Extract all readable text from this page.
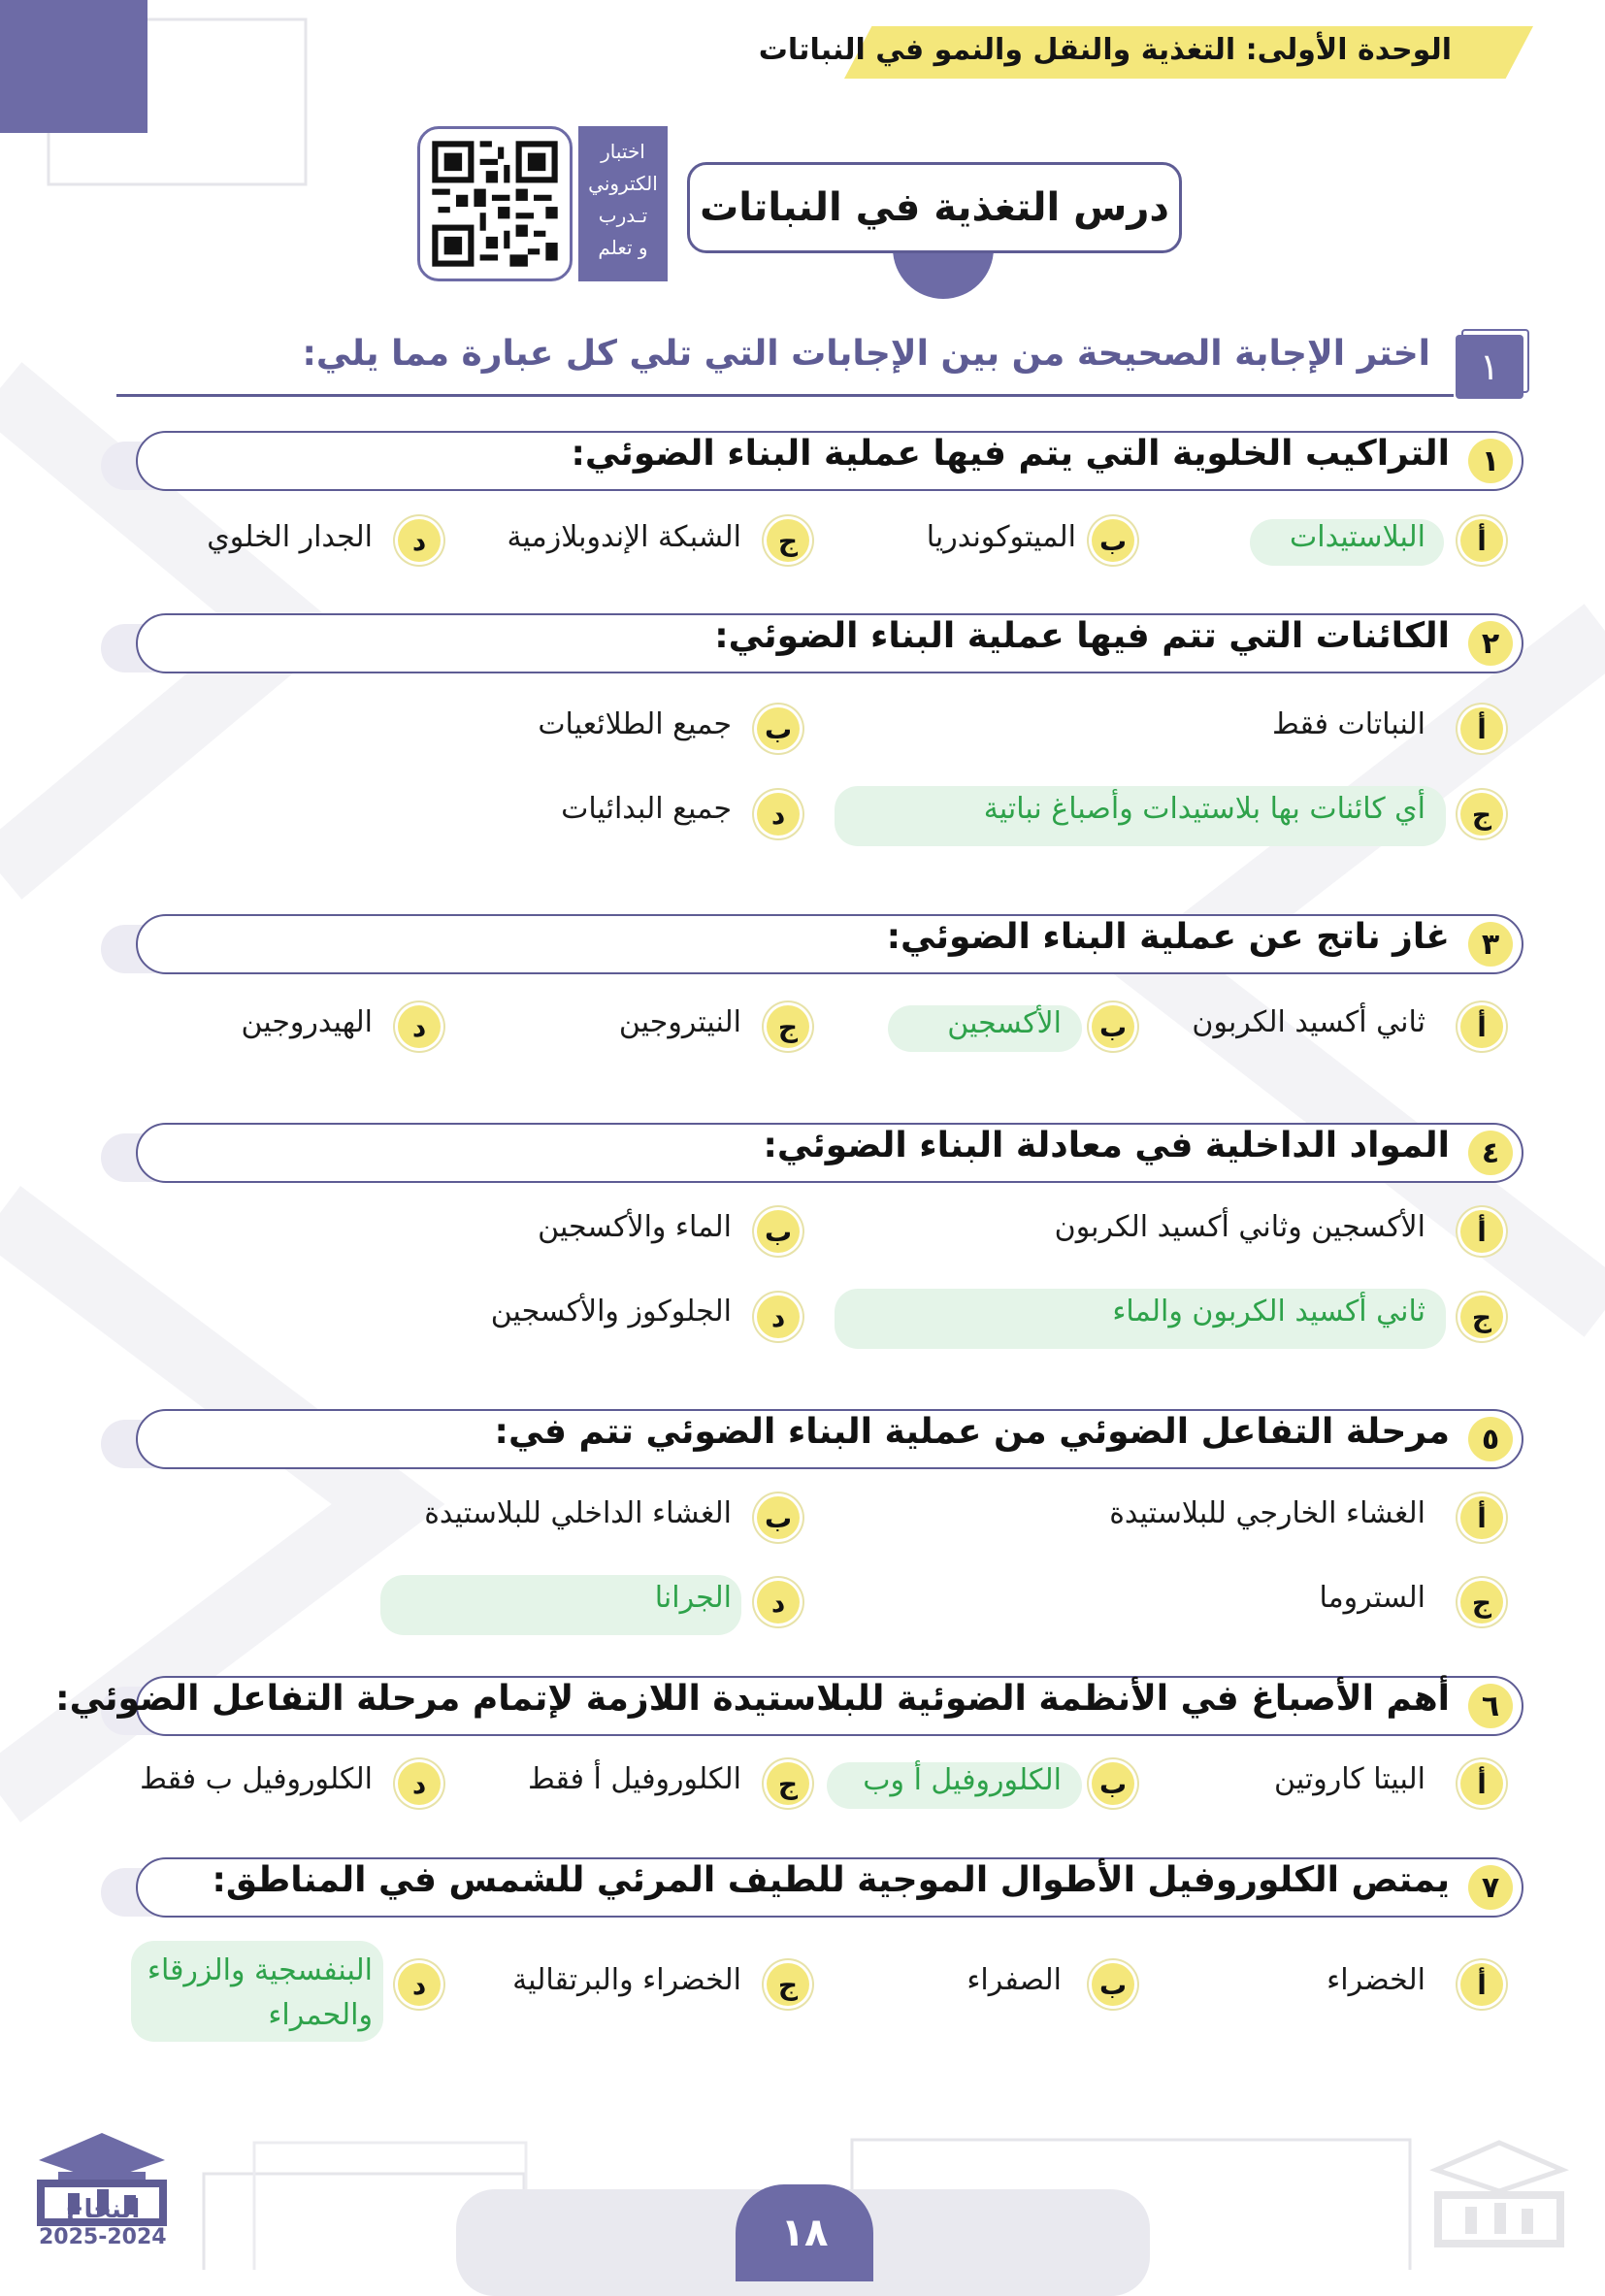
الوحدة الأولى: التغذية والنقل والنمو في النباتات
اختبار
الكتروني
تـدرب
و تعلم
درس التغذية في النباتات
١
اختر الإجابة الصحيحة من بين الإجابات التي تلي كل عبارة مما يلي:
١
التراكيب الخلوية التي يتم فيها عملية البناء الضوئي:
أ
البلاستيدات
ب
الميتوكوندريا
ج
الشبكة الإندوبلازمية
د
الجدار الخلوي
٢
الكائنات التي تتم فيها عملية البناء الضوئي:
أ
النباتات فقط
ب
جميع الطلائعيات
ج
أي كائنات بها بلاستيدات وأصباغ نباتية
د
جميع البدائيات
٣
غاز ناتج عن عملية البناء الضوئي:
أ
ثاني أكسيد الكربون
ب
الأكسجين
ج
النيتروجين
د
الهيدروجين
٤
المواد الداخلية في معادلة البناء الضوئي:
أ
الأكسجين وثاني أكسيد الكربون
ب
الماء والأكسجين
ج
ثاني أكسيد الكربون والماء
د
الجلوكوز والأكسجين
٥
مرحلة التفاعل الضوئي من عملية البناء الضوئي تتم في:
أ
الغشاء الخارجي للبلاستيدة
ب
الغشاء الداخلي للبلاستيدة
ج
الستروما
د
الجرانا
٦
أهم الأصباغ في الأنظمة الضوئية للبلاستيدة اللازمة لإتمام مرحلة التفاعل الضوئي:
أ
البيتا كاروتين
ب
الكلوروفيل أ وب
ج
الكلوروفيل أ فقط
د
الكلوروفيل ب فقط
٧
يمتص الكلوروفيل الأطوال الموجية للطيف المرئي للشمس في المناطق:
أ
الخضراء
ب
الصفراء
ج
الخضراء والبرتقالية
د
البنفسجية والزرقاء والحمراء
١٨
النجاح
2025-2024
